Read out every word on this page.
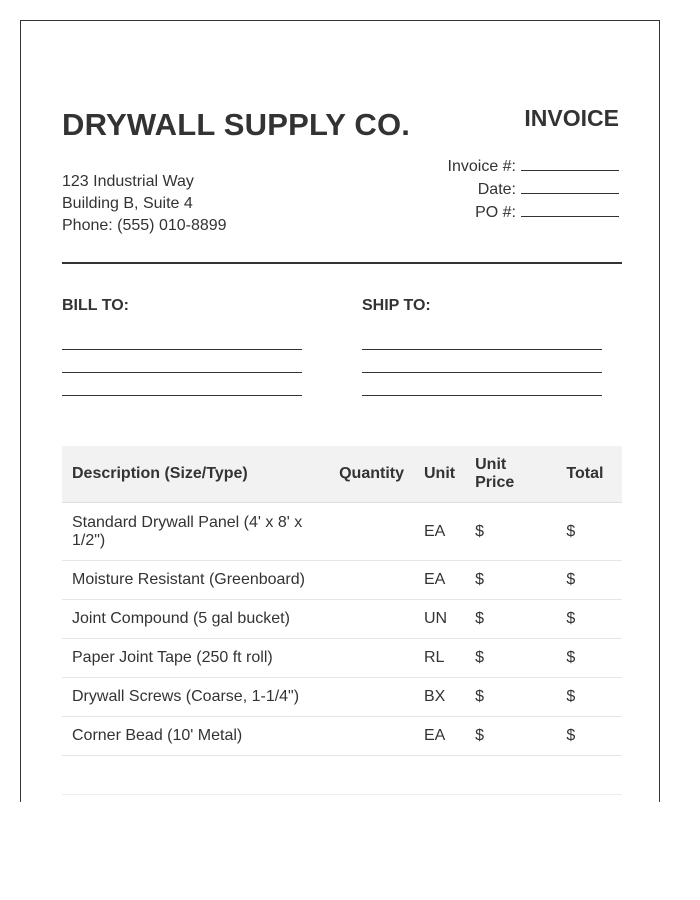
DRYWALL SUPPLY CO.
123 Industrial Way
Building B, Suite 4
Phone: (555) 010-8899
INVOICE
Invoice #:
Date:
PO #:
BILL TO:	SHIP TO:
Description (Size/Type)	Quantity	Unit	Unit Price	Total
Standard Drywall Panel (4' x 8' x 1/2")		EA	$	$
Moisture Resistant (Greenboard)		EA	$	$
Joint Compound (5 gal bucket)		UN	$	$
Paper Joint Tape (250 ft roll)		RL	$	$
Drywall Screws (Coarse, 1-1/4")		BX	$	$
Corner Bead (10' Metal)		EA	$	$
